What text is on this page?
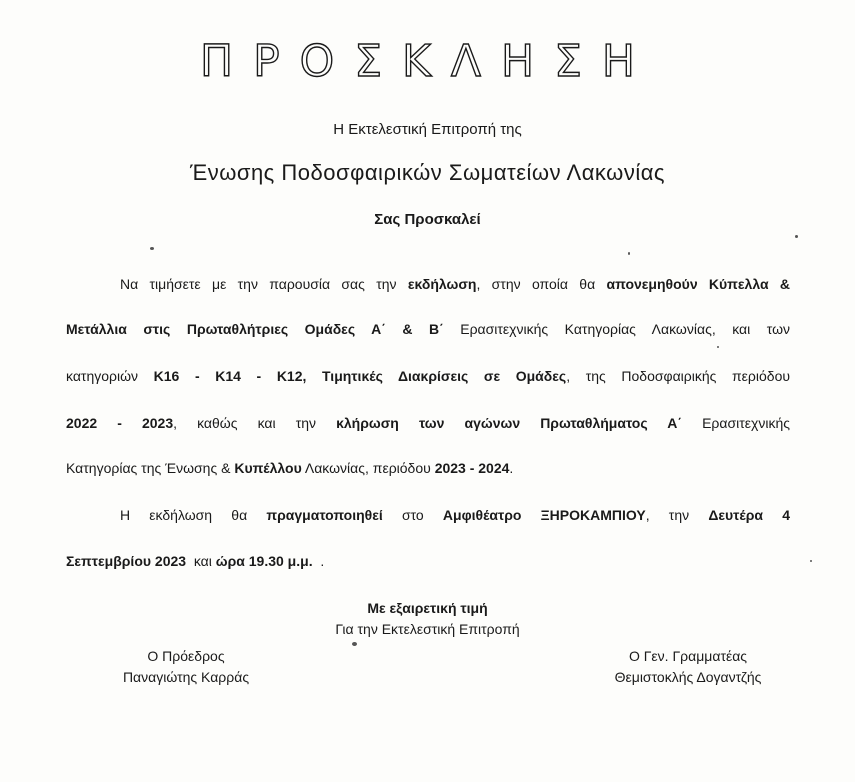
ΠΡΟΣΚΛΗΣΗ
Η Εκτελεστική Επιτροπή της
Ένωσης Ποδοσφαιρικών Σωματείων Λακωνίας
Σας Προσκαλεί
Να τιμήσετε με την παρουσία σας την εκδήλωση, στην οποία θα απονεμηθούν Κύπελλα &
Μετάλλια στις Πρωταθλήτριες Ομάδες Α΄ & Β΄ Ερασιτεχνικής Κατηγορίας Λακωνίας, και των
κατηγοριών Κ16 - Κ14 - Κ12, Τιμητικές Διακρίσεις σε Ομάδες, της Ποδοσφαιρικής περιόδου
2022 - 2023, καθώς και την κλήρωση των αγώνων Πρωταθλήματος Α΄ Ερασιτεχνικής
Κατηγορίας της Ένωσης & Κυπέλλου Λακωνίας, περιόδου 2023 - 2024.
Η εκδήλωση θα πραγματοποιηθεί στο Αμφιθέατρο ΞΗΡΟΚΑΜΠΙΟΥ, την Δευτέρα 4
Σεπτεμβρίου 2023  και ώρα 19.30 μ.μ.  .
Με εξαιρετική τιμή
Για την Εκτελεστική Επιτροπή
Ο Πρόεδρος
Παναγιώτης Καρράς
Ο Γεν. Γραμματέας
Θεμιστοκλής Δογαντζής
